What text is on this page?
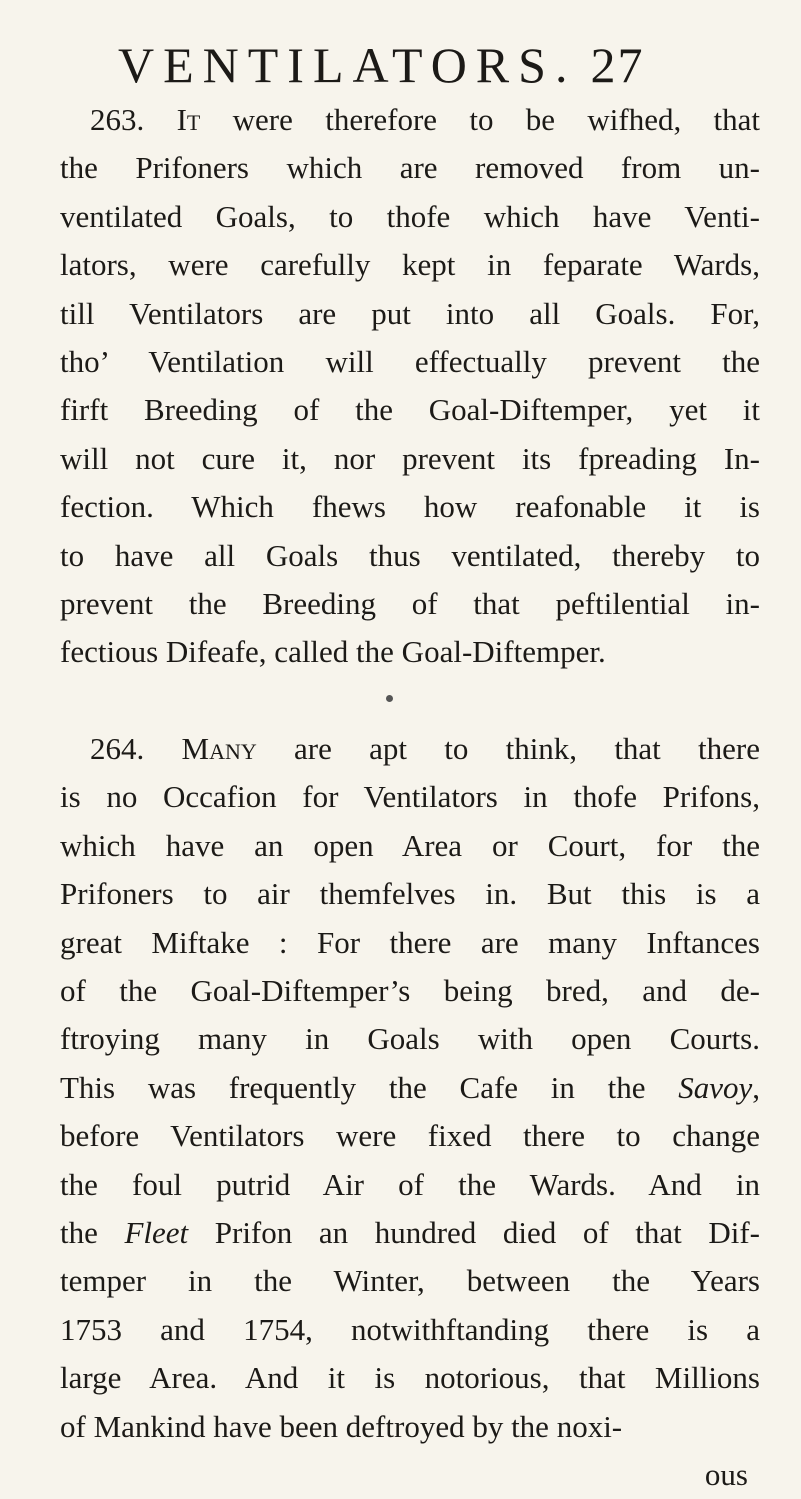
VENTILATORS. 27
263. It were therefore to be wifhed, that
the Prifoners which are removed from un-
ventilated Goals, to thofe which have Venti-
lators, were carefully kept in feparate Wards,
till Ventilators are put into all Goals. For,
tho’ Ventilation will effectually prevent the
firft Breeding of the Goal-Diftemper, yet it
will not cure it, nor prevent its fpreading In-
fection. Which fhews how reafonable it is
to have all Goals thus ventilated, thereby to
prevent the Breeding of that peftilential in-
fectious Difeafe, called the Goal-Diftemper.
264. Many are apt to think, that there
is no Occafion for Ventilators in thofe Prifons,
which have an open Area or Court, for the
Prifoners to air themfelves in. But this is a
great Miftake : For there are many Inftances
of the Goal-Diftemper’s being bred, and de-
ftroying many in Goals with open Courts.
This was frequently the Cafe in the Savoy,
before Ventilators were fixed there to change
the foul putrid Air of the Wards. And in
the Fleet Prifon an hundred died of that Dif-
temper in the Winter, between the Years
1753 and 1754, notwithftanding there is a
large Area. And it is notorious, that Millions
of Mankind have been deftroyed by the noxi-
ous
